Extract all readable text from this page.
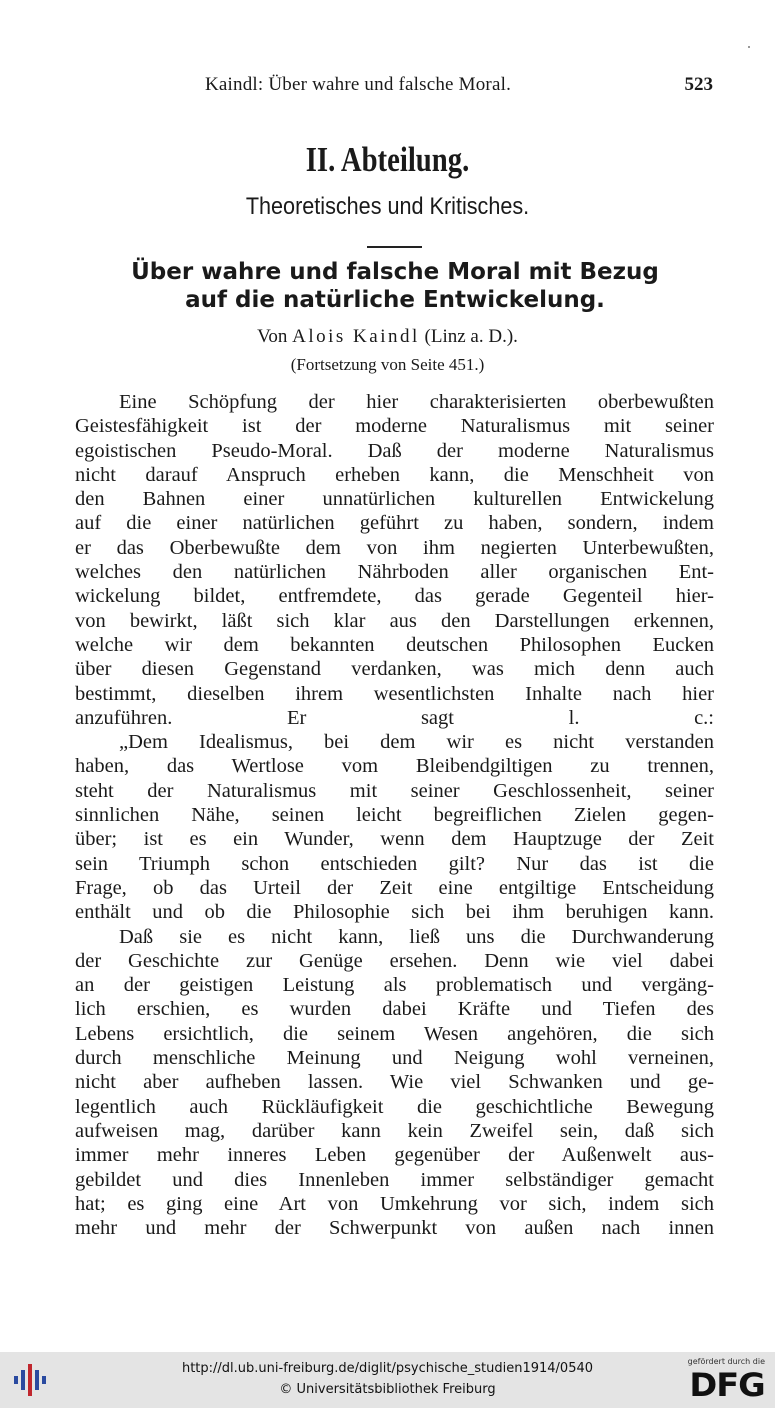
Kaindl: Über wahre und falsche Moral.	523
II. Abteilung.
Theoretisches und Kritisches.
Über wahre und falsche Moral mit Bezug
auf die natürliche Entwickelung.
Von Alois Kaindl (Linz a. D.).
(Fortsetzung von Seite 451.)

Eine Schöpfung der hier charakterisierten oberbewußten
Geistesfähigkeit ist der moderne Naturalismus mit seiner
egoistischen Pseudo-Moral. Daß der moderne Naturalismus
nicht darauf Anspruch erheben kann, die Menschheit von
den Bahnen einer unnatürlichen kulturellen Entwickelung
auf die einer natürlichen geführt zu haben, sondern, indem
er das Oberbewußte dem von ihm negierten Unterbewußten,
welches den natürlichen Nährboden aller organischen Ent-
wickelung bildet, entfremdete, das gerade Gegenteil hier-
von bewirkt, läßt sich klar aus den Darstellungen erkennen,
welche wir dem bekannten deutschen Philosophen Eucken
über diesen Gegenstand verdanken, was mich denn auch
bestimmt, dieselben ihrem wesentlichsten Inhalte nach hier
anzuführen. Er sagt l. c.:

„Dem Idealismus, bei dem wir es nicht verstanden
haben, das Wertlose vom Bleibendgiltigen zu trennen,
steht der Naturalismus mit seiner Geschlossenheit, seiner
sinnlichen Nähe, seinen leicht begreiflichen Zielen gegen-
über; ist es ein Wunder, wenn dem Hauptzuge der Zeit
sein Triumph schon entschieden gilt? Nur das ist die
Frage, ob das Urteil der Zeit eine entgiltige Entscheidung
enthält und ob die Philosophie sich bei ihm beruhigen kann.

Daß sie es nicht kann, ließ uns die Durchwanderung
der Geschichte zur Genüge ersehen. Denn wie viel dabei
an der geistigen Leistung als problematisch und vergäng-
lich erschien, es wurden dabei Kräfte und Tiefen des
Lebens ersichtlich, die seinem Wesen angehören, die sich
durch menschliche Meinung und Neigung wohl verneinen,
nicht aber aufheben lassen. Wie viel Schwanken und ge-
legentlich auch Rückläufigkeit die geschichtliche Bewegung
aufweisen mag, darüber kann kein Zweifel sein, daß sich
immer mehr inneres Leben gegenüber der Außenwelt aus-
gebildet und dies Innenleben immer selbständiger gemacht
hat; es ging eine Art von Umkehrung vor sich, indem sich
mehr und mehr der Schwerpunkt von außen nach innen

http://dl.ub.uni-freiburg.de/diglit/psychische_studien1914/0540
© Universitätsbibliothek Freiburg
gefördert durch die
DFG
